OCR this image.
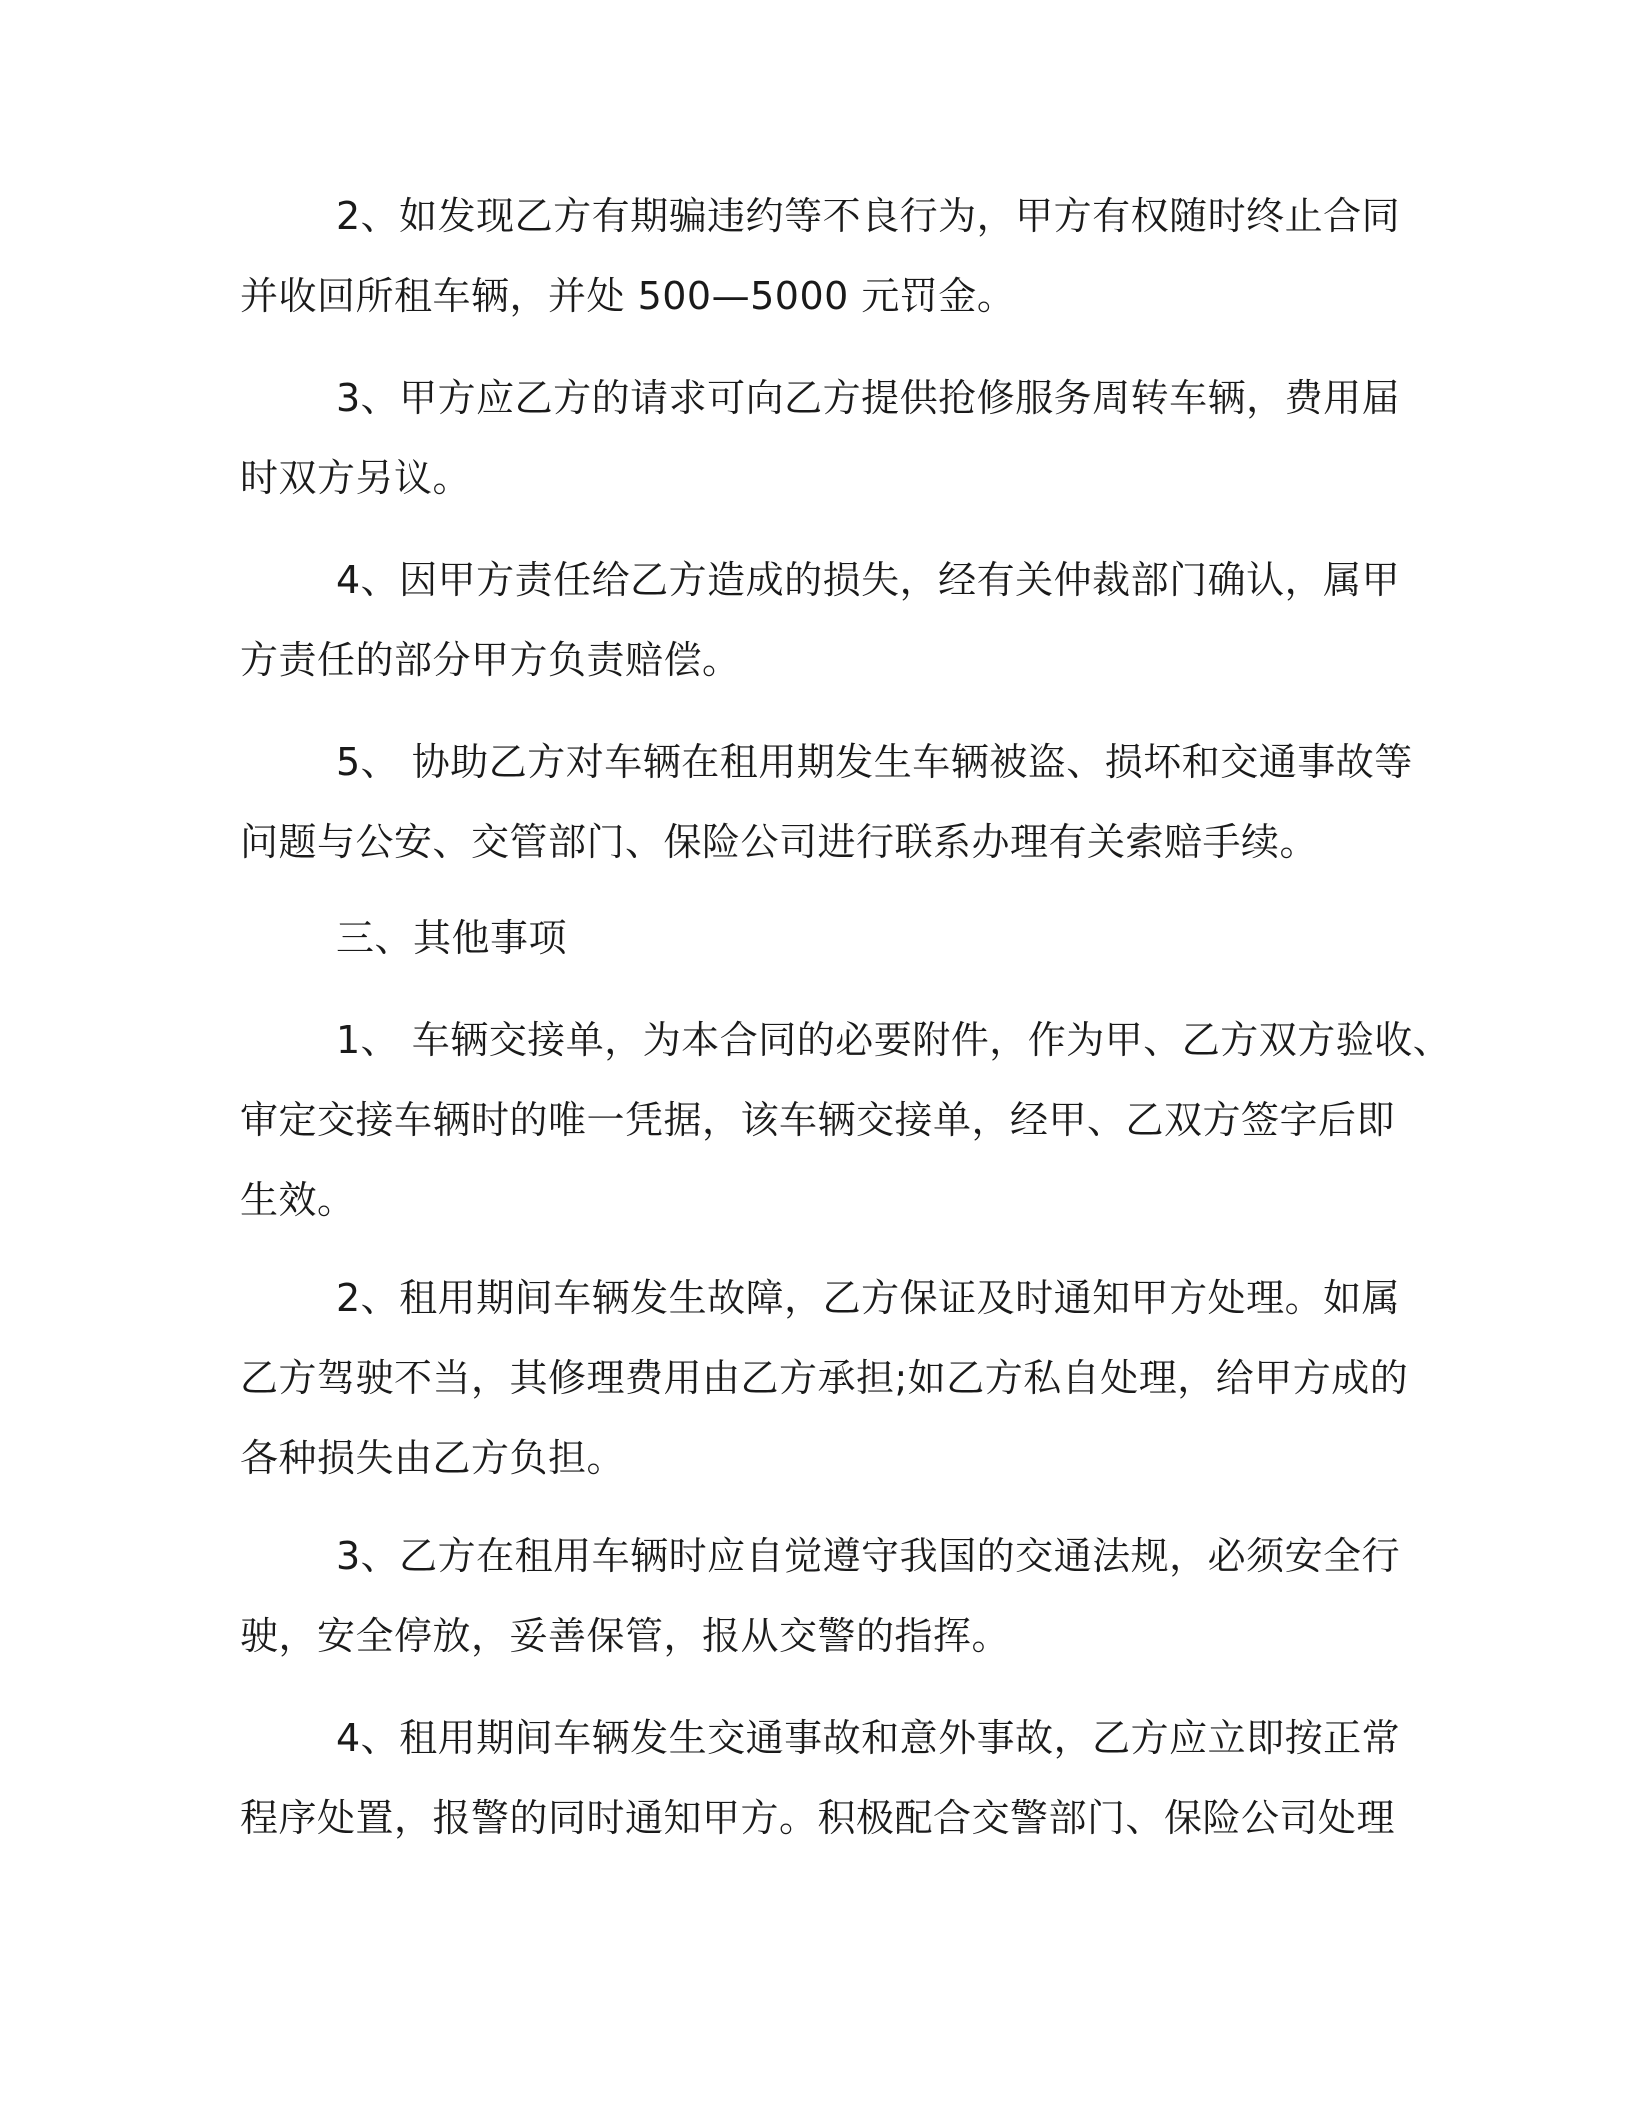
2、如发现乙方有期骗违约等不良行为，甲方有权随时终止合同
并收回所租车辆，并处 500—5000 元罚金。
3、甲方应乙方的请求可向乙方提供抢修服务周转车辆，费用届
时双方另议。
4、因甲方责任给乙方造成的损失，经有关仲裁部门确认，属甲
方责任的部分甲方负责赔偿。
5、 协助乙方对车辆在租用期发生车辆被盗、损坏和交通事故等
问题与公安、交管部门、保险公司进行联系办理有关索赔手续。
三、其他事项
1、 车辆交接单，为本合同的必要附件，作为甲、乙方双方验收、
审定交接车辆时的唯一凭据，该车辆交接单，经甲、乙双方签字后即
生效。
2、租用期间车辆发生故障，乙方保证及时通知甲方处理。如属
乙方驾驶不当，其修理费用由乙方承担;如乙方私自处理，给甲方成的
各种损失由乙方负担。
3、乙方在租用车辆时应自觉遵守我国的交通法规，必须安全行
驶，安全停放，妥善保管，报从交警的指挥。
4、租用期间车辆发生交通事故和意外事故，乙方应立即按正常
程序处置，报警的同时通知甲方。积极配合交警部门、保险公司处理
